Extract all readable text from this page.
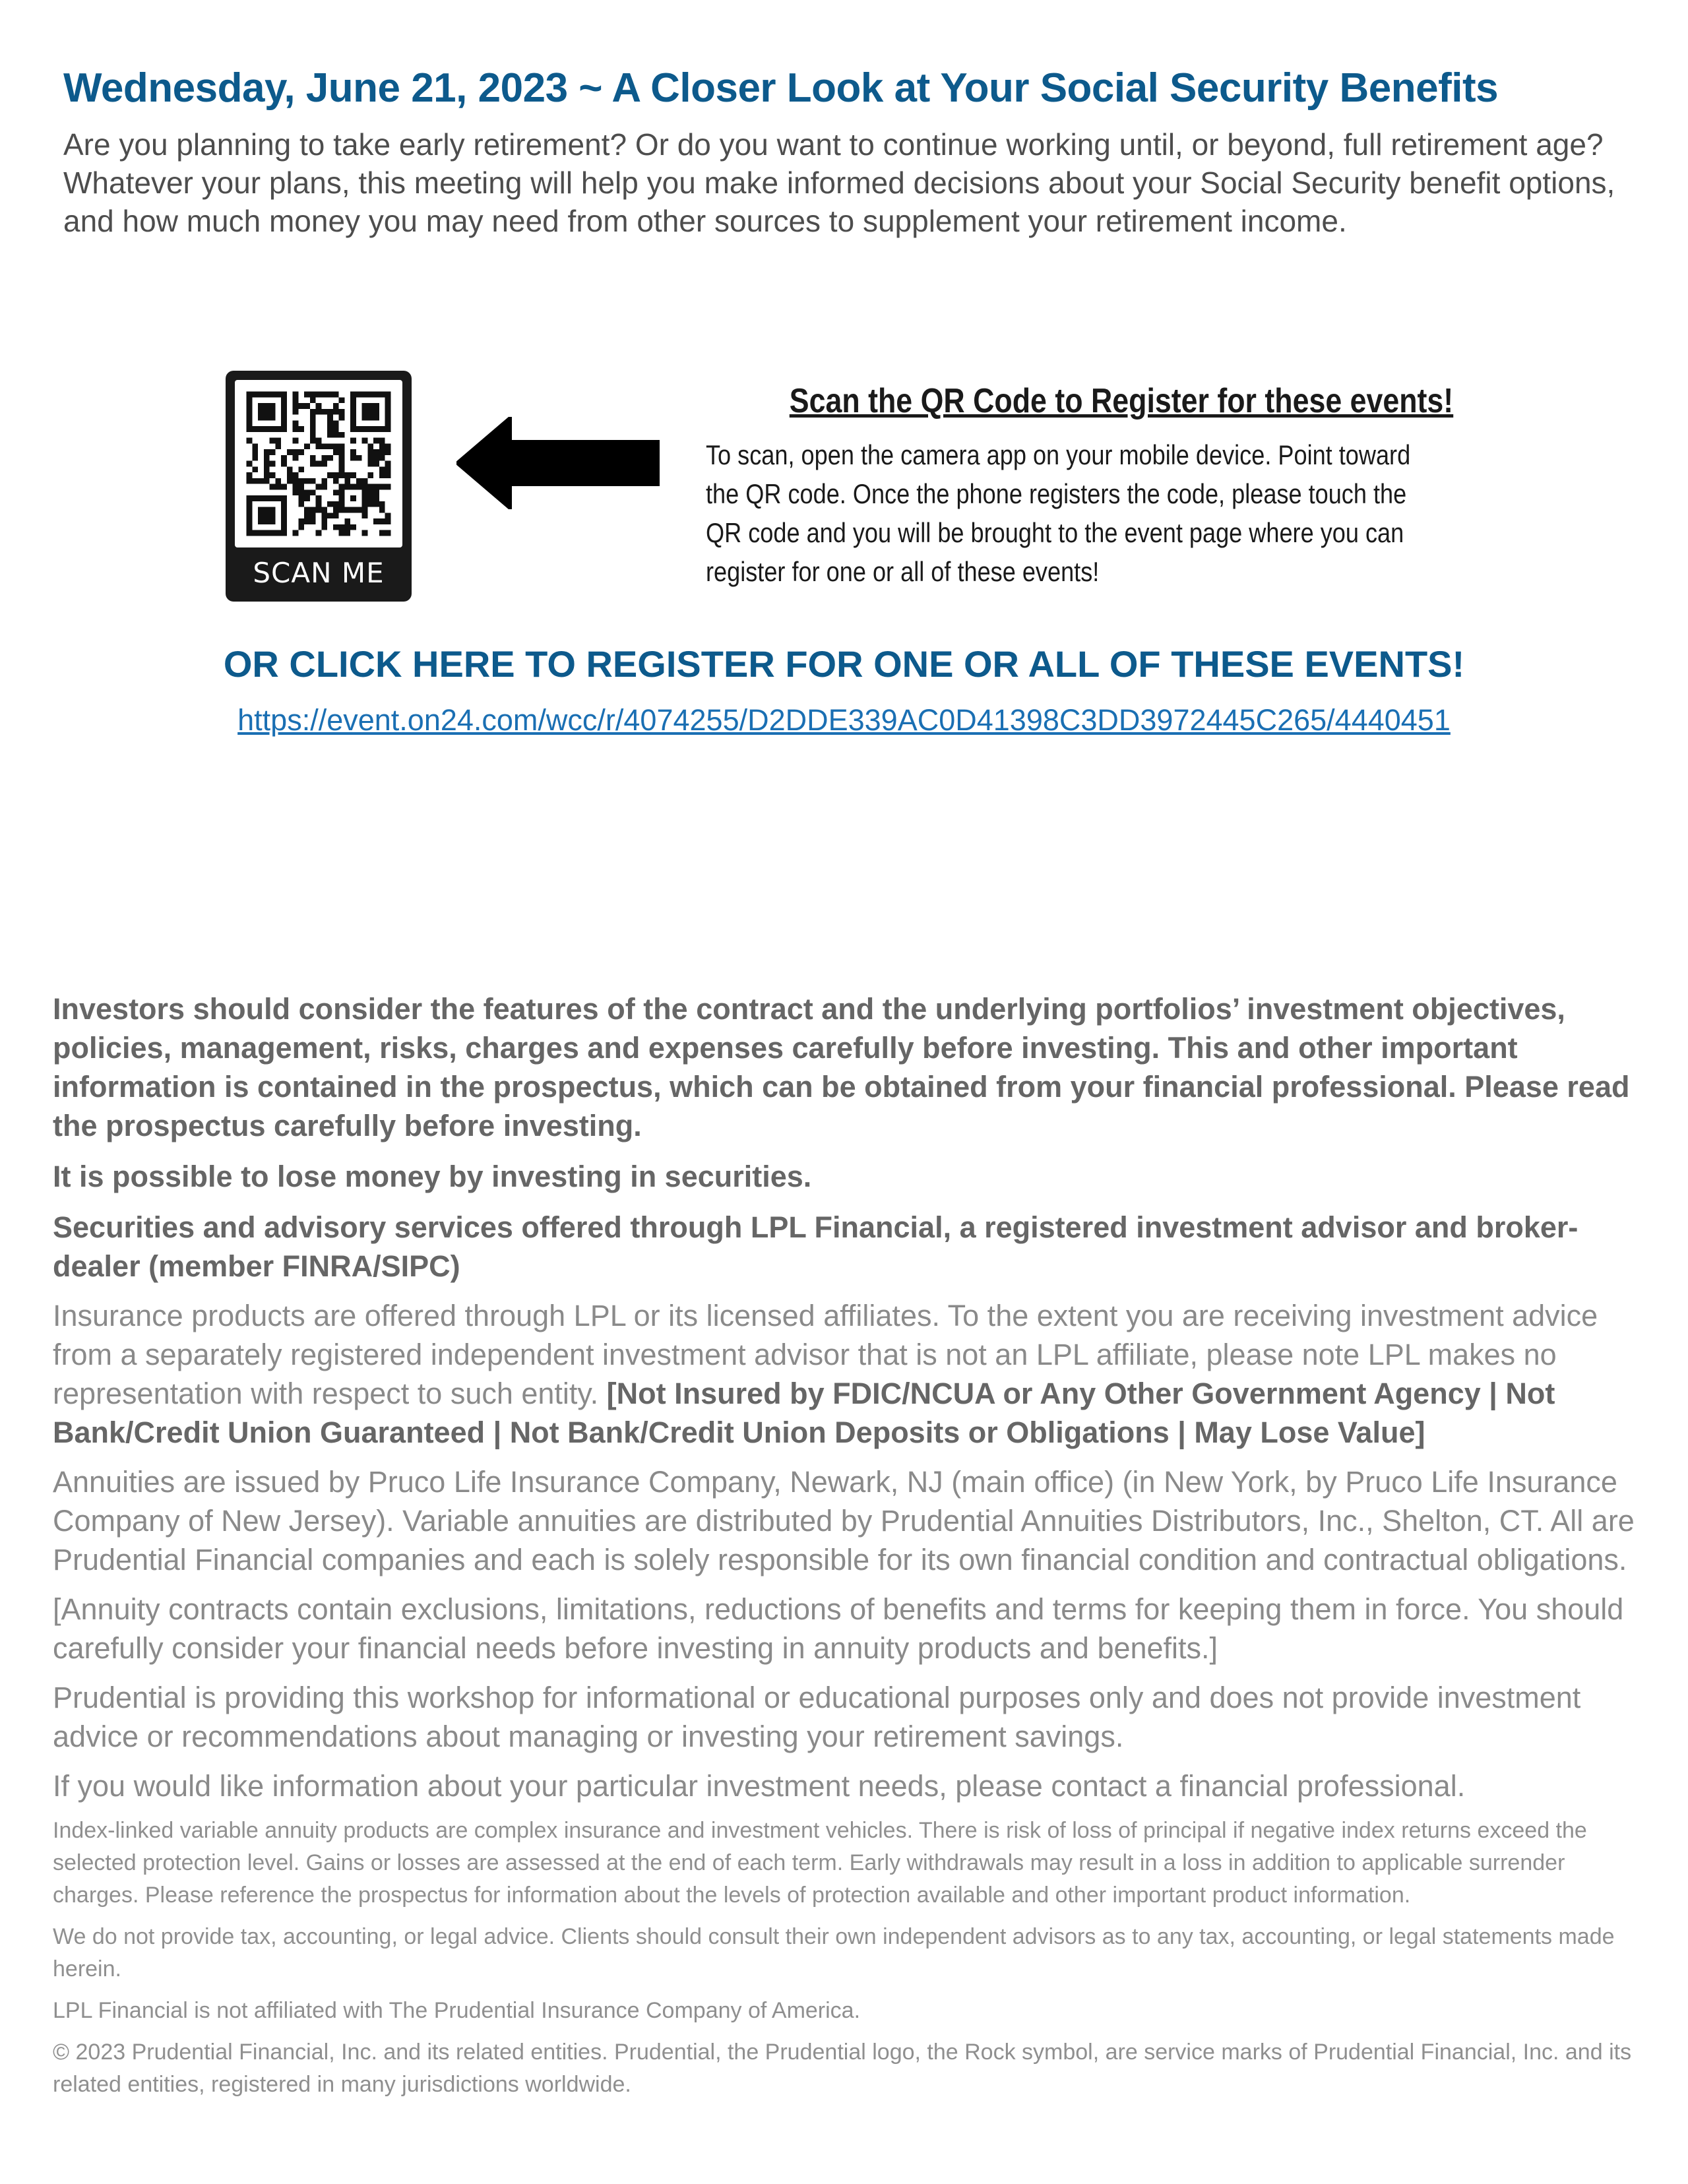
Wednesday, June 21, 2023 ~ A Closer Look at Your Social Security Benefits

Are you planning to take early retirement? Or do you want to continue working until, or beyond, full retirement age? Whatever your plans, this meeting will help you make informed decisions about your Social Security benefit options, and how much money you may need from other sources to supplement your retirement income.

SCAN ME
Scan the QR Code to Register for these events!

To scan, open the camera app on your mobile device. Point toward the QR code. Once the phone registers the code, please touch the QR code and you will be brought to the event page where you can register for one or all of these events!

OR CLICK HERE TO REGISTER FOR ONE OR ALL OF THESE EVENTS!
https://event.on24.com/wcc/r/4074255/D2DDE339AC0D41398C3DD3972445C265/4440451

Investors should consider the features of the contract and the underlying portfolios’ investment objectives, policies, management, risks, charges and expenses carefully before investing. This and other important information is contained in the prospectus, which can be obtained from your financial professional. Please read the prospectus carefully before investing.

It is possible to lose money by investing in securities.

Securities and advisory services offered through LPL Financial, a registered investment advisor and broker-dealer (member FINRA/SIPC)

Insurance products are offered through LPL or its licensed affiliates. To the extent you are receiving investment advice from a separately registered independent investment advisor that is not an LPL affiliate, please note LPL makes no representation with respect to such entity. [Not Insured by FDIC/NCUA or Any Other Government Agency | Not Bank/Credit Union Guaranteed | Not Bank/Credit Union Deposits or Obligations | May Lose Value]

Annuities are issued by Pruco Life Insurance Company, Newark, NJ (main office) (in New York, by Pruco Life Insurance Company of New Jersey). Variable annuities are distributed by Prudential Annuities Distributors, Inc., Shelton, CT. All are Prudential Financial companies and each is solely responsible for its own financial condition and contractual obligations.

[Annuity contracts contain exclusions, limitations, reductions of benefits and terms for keeping them in force. You should carefully consider your financial needs before investing in annuity products and benefits.]

Prudential is providing this workshop for informational or educational purposes only and does not provide investment advice or recommendations about managing or investing your retirement savings.

If you would like information about your particular investment needs, please contact a financial professional.

Index-linked variable annuity products are complex insurance and investment vehicles. There is risk of loss of principal if negative index returns exceed the selected protection level. Gains or losses are assessed at the end of each term. Early withdrawals may result in a loss in addition to applicable surrender charges. Please reference the prospectus for information about the levels of protection available and other important product information.

We do not provide tax, accounting, or legal advice. Clients should consult their own independent advisors as to any tax, accounting, or legal statements made herein.

LPL Financial is not affiliated with The Prudential Insurance Company of America.

© 2023 Prudential Financial, Inc. and its related entities. Prudential, the Prudential logo, the Rock symbol, are service marks of Prudential Financial, Inc. and its related entities, registered in many jurisdictions worldwide.
